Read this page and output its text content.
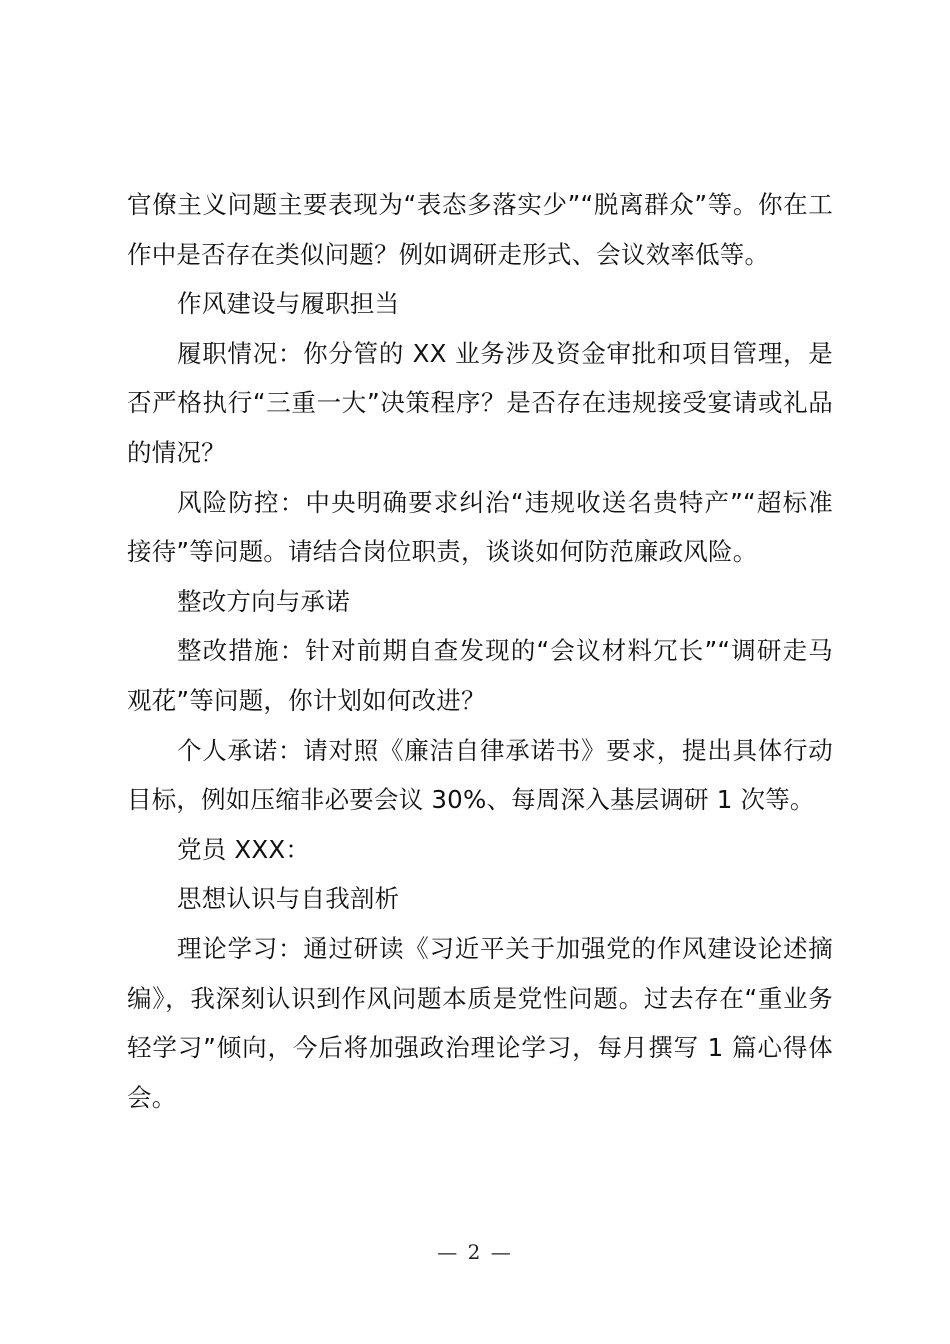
官僚主义问题主要表现为“表态多落实少”“脱离群众”等。你在工作中是否存在类似问题？例如调研走形式、会议效率低等。

作风建设与履职担当

履职情况：你分管的 XX 业务涉及资金审批和项目管理，是否严格执行“三重一大”决策程序？是否存在违规接受宴请或礼品的情况？

风险防控：中央明确要求纠治“违规收送名贵特产”“超标准接待”等问题。请结合岗位职责，谈谈如何防范廉政风险。

整改方向与承诺

整改措施：针对前期自查发现的“会议材料冗长”“调研走马观花”等问题，你计划如何改进？

个人承诺：请对照《廉洁自律承诺书》要求，提出具体行动目标，例如压缩非必要会议 30%、每周深入基层调研 1 次等。

党员 XXX：

思想认识与自我剖析

理论学习：通过研读《习近平关于加强党的作风建设论述摘编》，我深刻认识到作风问题本质是党性问题。过去存在“重业务轻学习”倾向，今后将加强政治理论学习，每月撰写 1 篇心得体会。

— 2 —
